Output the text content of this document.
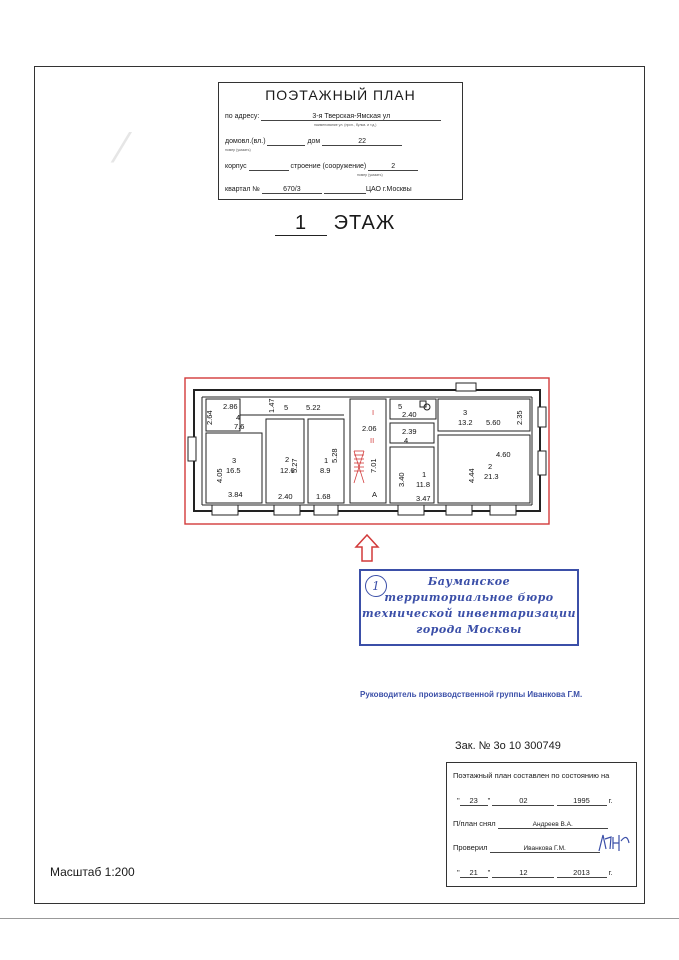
⁄
ПОЭТАЖНЫЙ ПЛАН
по адресу:	3-я Тверская-Ямская ул
наименование ул. (прсп., бульв. и т.д.)
домовл.(вл.)	дом	22
номер (указать)
корпус	строение (сооружение)	2
номер (указать)
квартал №	670/3	ЦАО г.Москвы
1 ЭТАЖ
2.86
4
7.6
2.64
1.47 5 5.22
4.05
3
16.5
3.84
2
12.6
5.27
2.40
1
8.9
5.28
1.68
I
2.06
II
7.01
A
5
2.40
2.39
4
3.40 1
11.8
3.47
3
13.2 5.60 2.35
4.44
4.60
2
21.3
1	Бауманское
территориальное бюро
технической инвентаризации
города Москвы
Руководитель производственной группы Иванкова Г.М.
Зак. № 3о 10 300749
Поэтажный план составлен по состоянию на
" 23 "	02	1995	г.
П/план снял	Андреев В.А.
Проверил	Иванкова Г.М.
" 21 "	12	2013	г.
Масштаб 1:200
